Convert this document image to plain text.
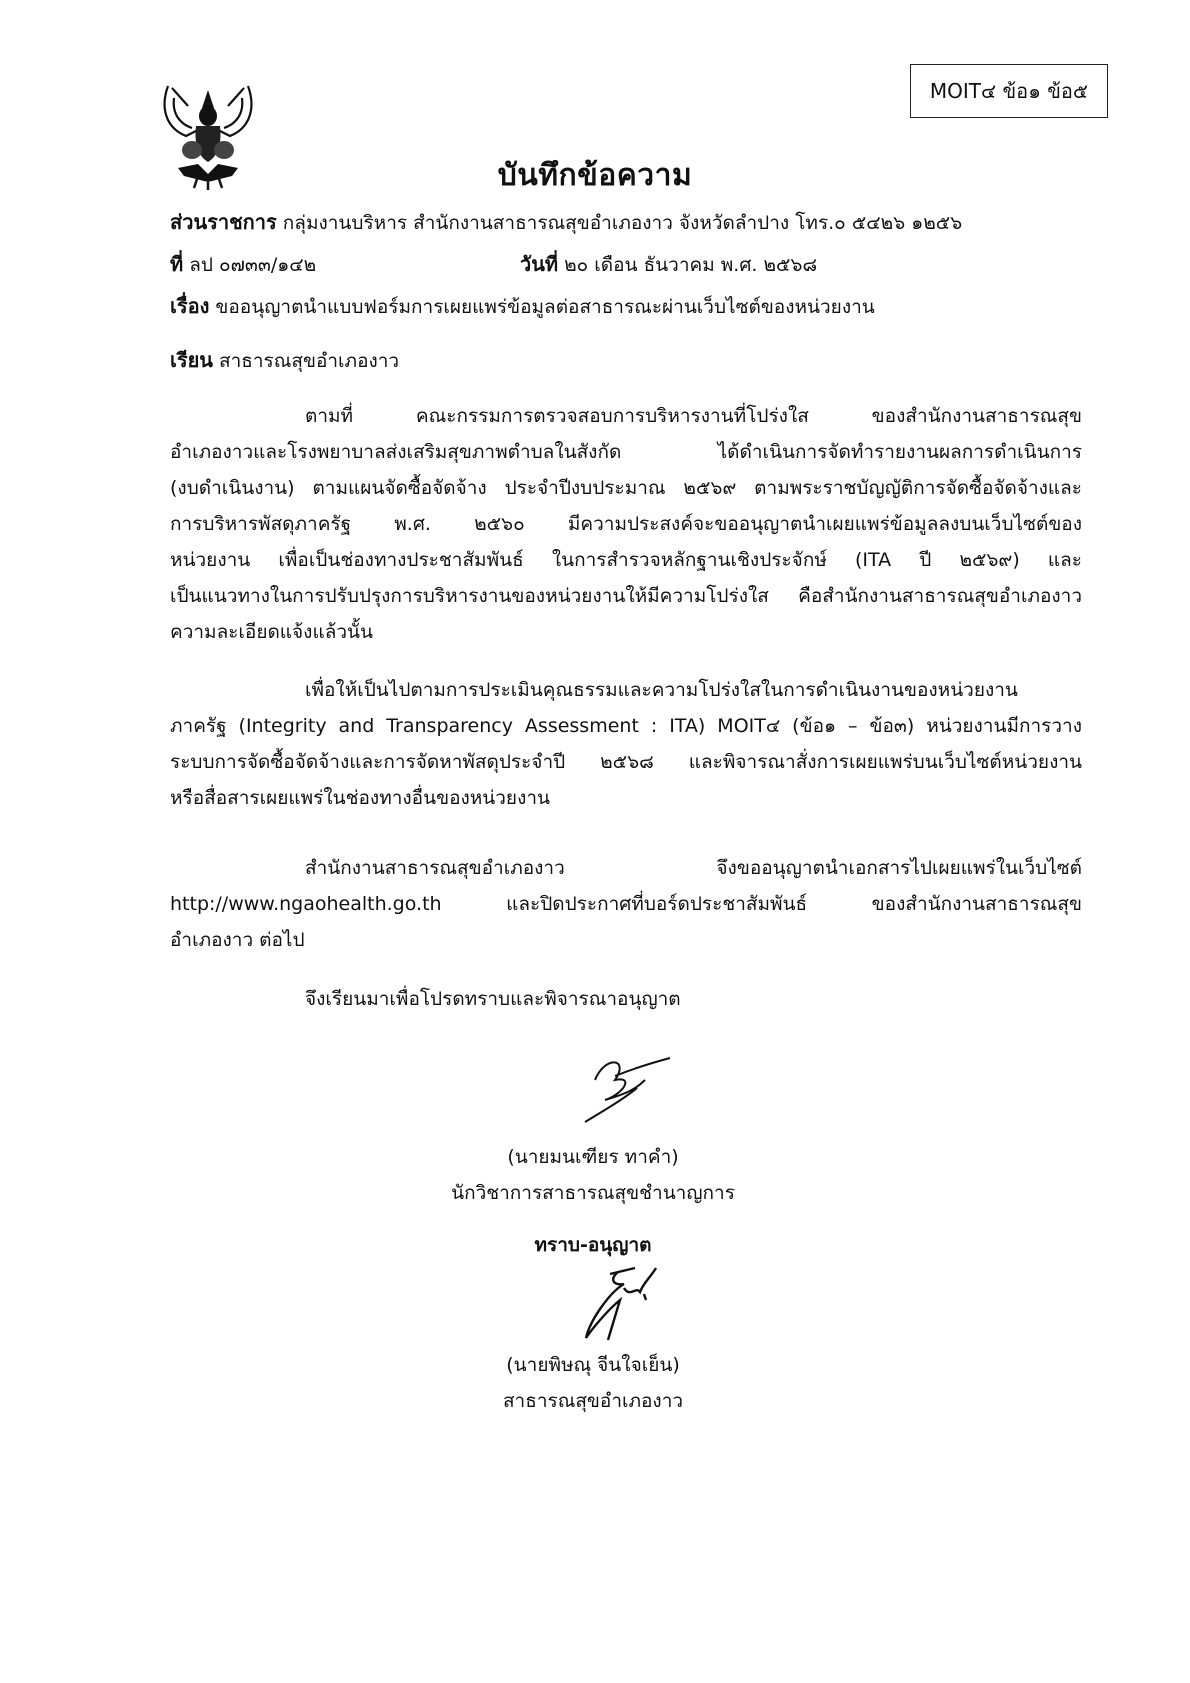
MOIT๔ ข้อ๑ ข้อ๕
บันทึกข้อความ
ส่วนราชการ กลุ่มงานบริหาร สำนักงานสาธารณสุขอำเภองาว จังหวัดลำปาง โทร.๐ ๕๔๒๖ ๑๒๕๖
ที่ ลป ๐๗๓๓/๑๔๒	วันที่ ๒๐ เดือน ธันวาคม พ.ศ. ๒๕๖๘
เรื่อง ขออนุญาตนำแบบฟอร์มการเผยแพร่ข้อมูลต่อสาธารณะผ่านเว็บไซต์ของหน่วยงาน
เรียน สาธารณสุขอำเภองาว
ตามที่ คณะกรรมการตรวจสอบการบริหารงานที่โปร่งใส ของสำนักงานสาธารณสุข
อำเภองาวและโรงพยาบาลส่งเสริมสุขภาพตำบลในสังกัด ได้ดำเนินการจัดทำรายงานผลการดำเนินการ
(งบดำเนินงาน) ตามแผนจัดซื้อจัดจ้าง ประจำปีงบประมาณ ๒๕๖๙ ตามพระราชบัญญัติการจัดซื้อจัดจ้างและ
การบริหารพัสดุภาครัฐ พ.ศ. ๒๕๖๐ มีความประสงค์จะขออนุญาตนำเผยแพร่ข้อมูลลงบนเว็บไซต์ของ
หน่วยงาน เพื่อเป็นช่องทางประชาสัมพันธ์ ในการสำรวจหลักฐานเชิงประจักษ์ (ITA ปี ๒๕๖๙) และ
เป็นแนวทางในการปรับปรุงการบริหารงานของหน่วยงานให้มีความโปร่งใส คือสำนักงานสาธารณสุขอำเภองาว
ความละเอียดแจ้งแล้วนั้น
เพื่อให้เป็นไปตามการประเมินคุณธรรมและความโปร่งใสในการดำเนินงานของหน่วยงาน
ภาครัฐ (Integrity and Transparency Assessment : ITA) MOIT๔ (ข้อ๑ – ข้อ๓) หน่วยงานมีการวาง
ระบบการจัดซื้อจัดจ้างและการจัดหาพัสดุประจำปี ๒๕๖๘ และพิจารณาสั่งการเผยแพร่บนเว็บไซต์หน่วยงาน
หรือสื่อสารเผยแพร่ในช่องทางอื่นของหน่วยงาน
สำนักงานสาธารณสุขอำเภองาว จึงขออนุญาตนำเอกสารไปเผยแพร่ในเว็บไซต์
http://www.ngaohealth.go.th และปิดประกาศที่บอร์ดประชาสัมพันธ์ ของสำนักงานสาธารณสุข
อำเภองาว ต่อไป
จึงเรียนมาเพื่อโปรดทราบและพิจารณาอนุญาต
(นายมนเฑียร ทาคำ)
นักวิชาการสาธารณสุขชำนาญการ
ทราบ-อนุญาต
(นายพิษณุ จีนใจเย็น)
สาธารณสุขอำเภองาว
